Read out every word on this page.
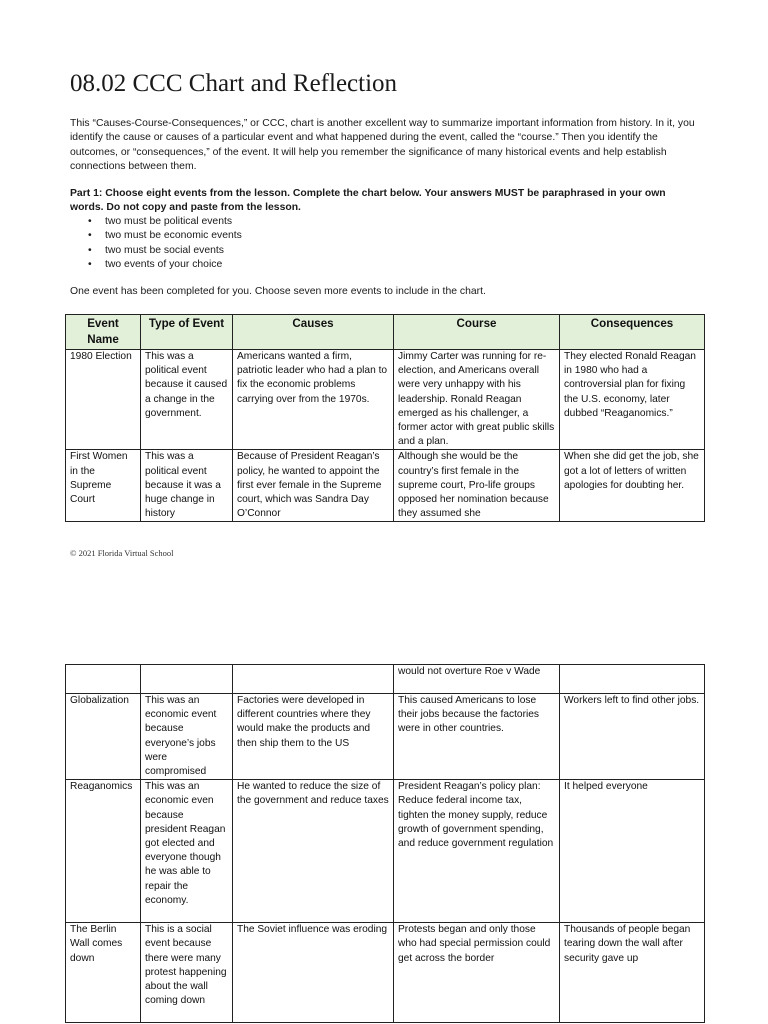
08.02 CCC Chart and Reflection

This “Causes-Course-Consequences,” or CCC, chart is another excellent way to summarize important information from history. In it, you identify the cause or causes of a particular event and what happened during the event, called the “course.” Then you identify the outcomes, or “consequences,” of the event. It will help you remember the significance of many historical events and help establish connections between them.

Part 1: Choose eight events from the lesson. Complete the chart below. Your answers MUST be paraphrased in your own words. Do not copy and paste from the lesson.

• two must be political events
• two must be economic events
• two must be social events
• two events of your choice

One event has been completed for you. Choose seven more events to include in the chart.

Event Name	Type of Event	Causes	Course	Consequences
1980 Election	This was a political event because it caused a change in the government.	Americans wanted a firm, patriotic leader who had a plan to fix the economic problems carrying over from the 1970s.	Jimmy Carter was running for re-election, and Americans overall were very unhappy with his leadership. Ronald Reagan emerged as his challenger, a former actor with great public skills and a plan.	They elected Ronald Reagan in 1980 who had a controversial plan for fixing the U.S. economy, later dubbed “Reaganomics.”

First Women in the Supreme Court	This was a political event because it was a huge change in history	Because of President Reagan’s policy, he wanted to appoint the first ever female in the Supreme court, which was Sandra Day O’Connor	Although she would be the country’s first female in the supreme court, Pro-life groups opposed her nomination because they assumed she	When she did get the job, she got a lot of letters of written apologies for doubting her.

© 2021 Florida Virtual School

			would not overture Roe v Wade	
Globalization	This was an economic event because everyone’s jobs were compromised	Factories were developed in different countries where they would make the products and then ship them to the US	This caused Americans to lose their jobs because the factories were in other countries.	Workers left to find other jobs.
Reaganomics	This was an economic even because president Reagan got elected and everyone though he was able to repair the economy.	He wanted to reduce the size of the government and reduce taxes	President Reagan’s policy plan: Reduce federal income tax, tighten the money supply, reduce growth of government spending, and reduce government regulation	It helped everyone
The Berlin Wall comes down	This is a social event because there were many protest happening about the wall coming down	The Soviet influence was eroding	Protests began and only those who had special permission could get across the border	Thousands of people began tearing down the wall after security gave up
